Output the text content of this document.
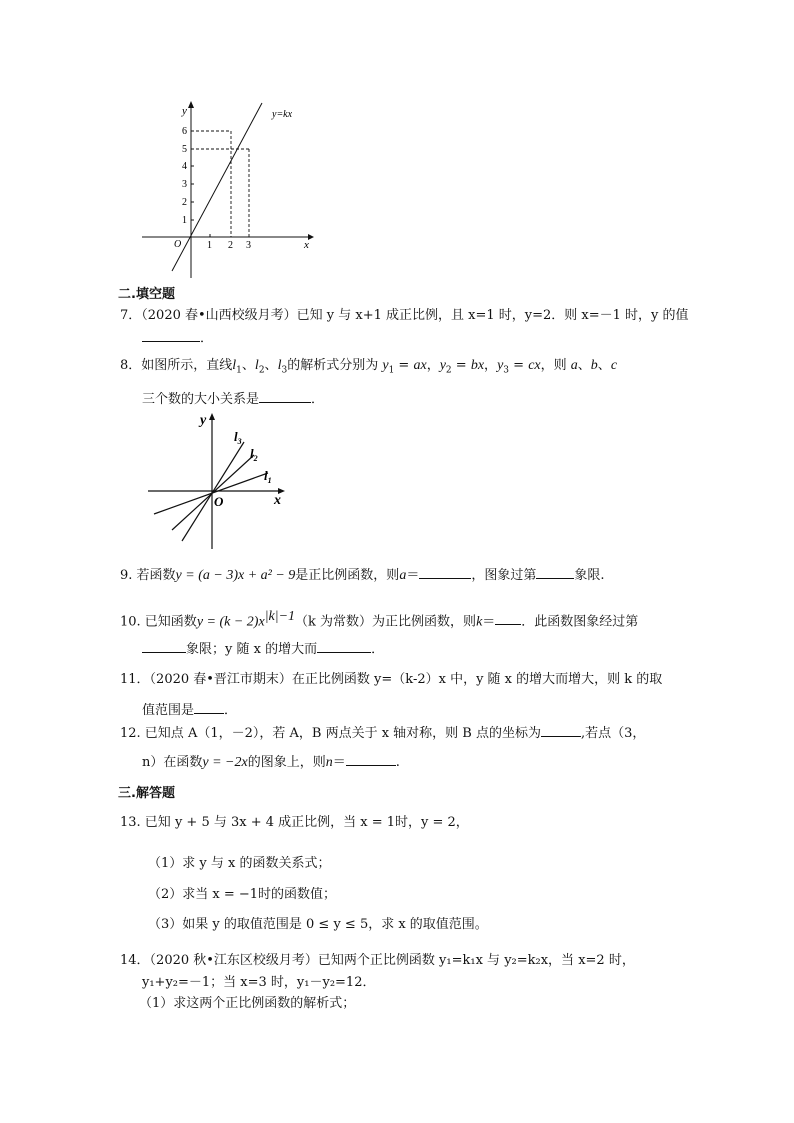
y
x
O
y=kx
1
2
3
4
5
6
1 2 3
二.填空题
7．（2020 春•山西校级月考）已知 y 与 x+1 成正比例，且 x=1 时，y=2．则 x=－1 时，y 的值
．
8．如图所示，直线$l_1$、$l_2$、$l_3$的解析式分别为 $y_1$ = ax，$y_2$ = bx，$y_3$ = cx，则 a、b、c
三个数的大小关系是	．
y
x
O
$l_3$
$l_2$
$l_1$
9. 若函数y = (a − 3)x + a² − 9是正比例函数，则a＝	，图象过第	象限.
10. 已知函数$y = (k - 2)x^{|k|-1}(k$ 为常数）为正比例函数，则k＝ ．此函数图象经过第
象限；y 随 x 的增大而	．
11．（2020 春•晋江市期末）在正比例函数 y=（k-2）x 中，y 随 x 的增大而增大，则 k 的取
值范围是 ．
12. 已知点 A（1，－2），若 A，B 两点关于 x 轴对称，则 B 点的坐标为	,若点（3，
n）在函数y = −2x的图象上，则n＝	.
三.解答题
13. 已知 y + 5 与 3x + 4 成正比例，当 x = 1时，y = 2，
（1）求 y 与 x 的函数关系式；
（2）求当 x = −1时的函数值；
（3）如果 y 的取值范围是 0 ≤ y ≤ 5，求 x 的取值范围。
14．（2020 秋•江东区校级月考）已知两个正比例函数 y₁=k₁x 与 y₂=k₂x，当 x=2 时，
y₁+y₂=－1；当 x=3 时，y₁－y₂=12．
（1）求这两个正比例函数的解析式；
